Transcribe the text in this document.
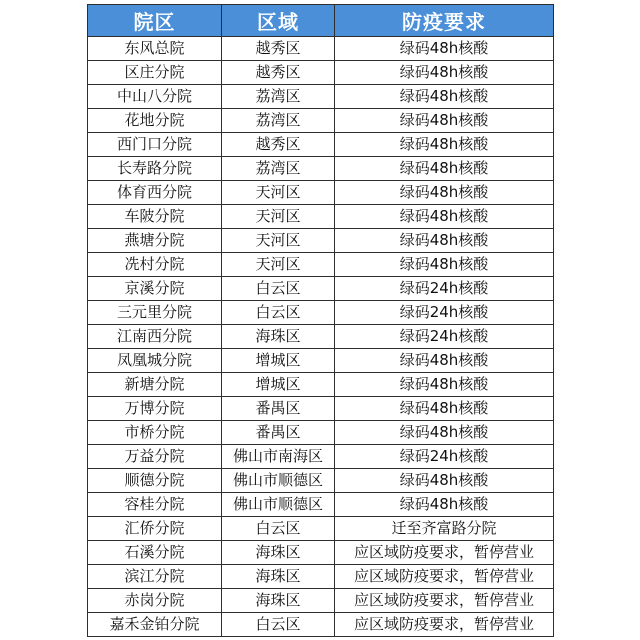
院区	区域	防疫要求
东风总院	越秀区	绿码48h核酸
区庄分院	越秀区	绿码48h核酸
中山八分院	荔湾区	绿码48h核酸
花地分院	荔湾区	绿码48h核酸
西门口分院	越秀区	绿码48h核酸
长寿路分院	荔湾区	绿码48h核酸
体育西分院	天河区	绿码48h核酸
车陂分院	天河区	绿码48h核酸
燕塘分院	天河区	绿码48h核酸
冼村分院	天河区	绿码48h核酸
京溪分院	白云区	绿码24h核酸
三元里分院	白云区	绿码24h核酸
江南西分院	海珠区	绿码24h核酸
凤凰城分院	增城区	绿码48h核酸
新塘分院	增城区	绿码48h核酸
万博分院	番禺区	绿码48h核酸
市桥分院	番禺区	绿码48h核酸
万益分院	佛山市南海区	绿码24h核酸
顺德分院	佛山市顺德区	绿码48h核酸
容桂分院	佛山市顺德区	绿码48h核酸
汇侨分院	白云区	迁至齐富路分院
石溪分院	海珠区	应区域防疫要求，暂停营业
滨江分院	海珠区	应区域防疫要求，暂停营业
赤岗分院	海珠区	应区域防疫要求，暂停营业
嘉禾金铂分院	白云区	应区域防疫要求，暂停营业
